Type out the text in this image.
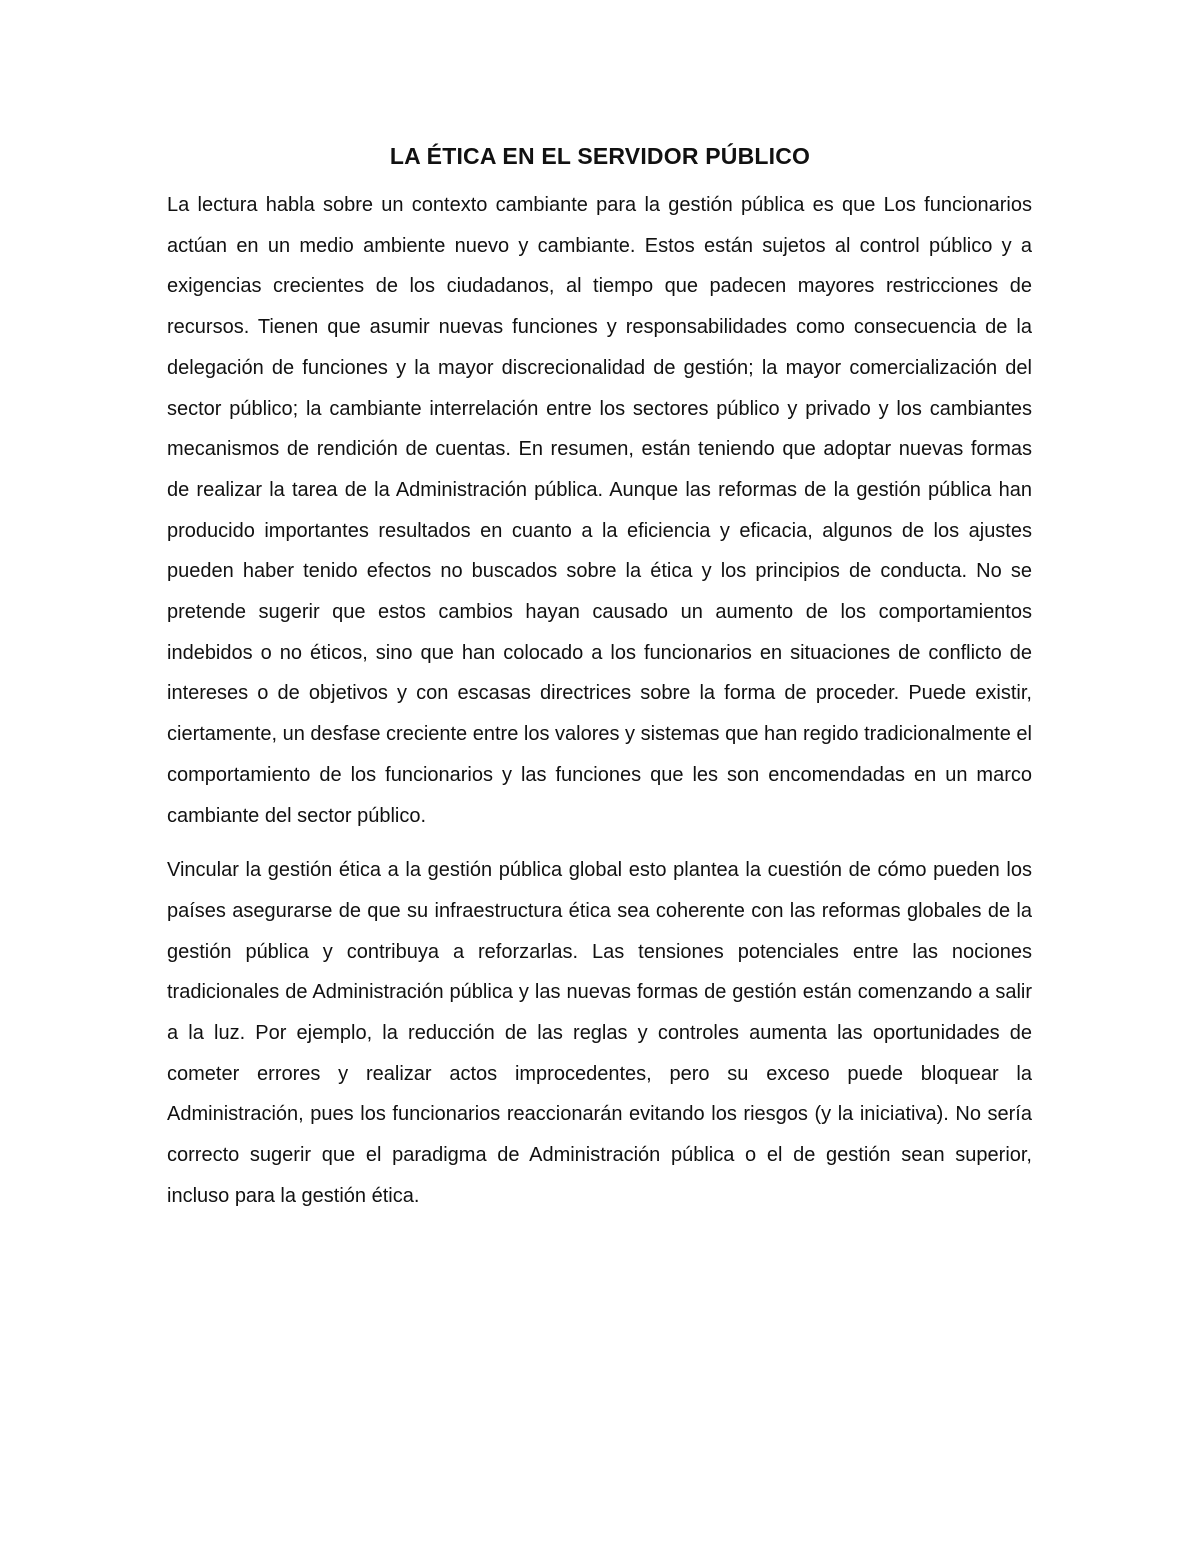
LA ÉTICA EN EL SERVIDOR PÚBLICO

La lectura habla sobre un contexto cambiante para la gestión pública es que Los funcionarios actúan en un medio ambiente nuevo y cambiante. Estos están sujetos al control público y a exigencias crecientes de los ciudadanos, al tiempo que padecen mayores restricciones de recursos. Tienen que asumir nuevas funciones y responsabilidades como consecuencia de la delegación de funciones y la mayor discrecionalidad de gestión; la mayor comercialización del sector público; la cambiante interrelación entre los sectores público y privado y los cambiantes mecanismos de rendición de cuentas. En resumen, están teniendo que adoptar nuevas formas de realizar la tarea de la Administración pública. Aunque las reformas de la gestión pública han producido importantes resultados en cuanto a la eficiencia y eficacia, algunos de los ajustes pueden haber tenido efectos no buscados sobre la ética y los principios de conducta. No se pretende sugerir que estos cambios hayan causado un aumento de los comportamientos indebidos o no éticos, sino que han colocado a los funcionarios en situaciones de conflicto de intereses o de objetivos y con escasas directrices sobre la forma de proceder. Puede existir, ciertamente, un desfase creciente entre los valores y sistemas que han regido tradicionalmente el comportamiento de los funcionarios y las funciones que les son encomendadas en un marco cambiante del sector público.

Vincular la gestión ética a la gestión pública global esto plantea la cuestión de cómo pueden los países asegurarse de que su infraestructura ética sea coherente con las reformas globales de la gestión pública y contribuya a reforzarlas. Las tensiones potenciales entre las nociones tradicionales de Administración pública y las nuevas formas de gestión están comenzando a salir a la luz. Por ejemplo, la reducción de las reglas y controles aumenta las oportunidades de cometer errores y realizar actos improcedentes, pero su exceso puede bloquear la Administración, pues los funcionarios reaccionarán evitando los riesgos (y la iniciativa). No sería correcto sugerir que el paradigma de Administración pública o el de gestión sean superior, incluso para la gestión ética.
